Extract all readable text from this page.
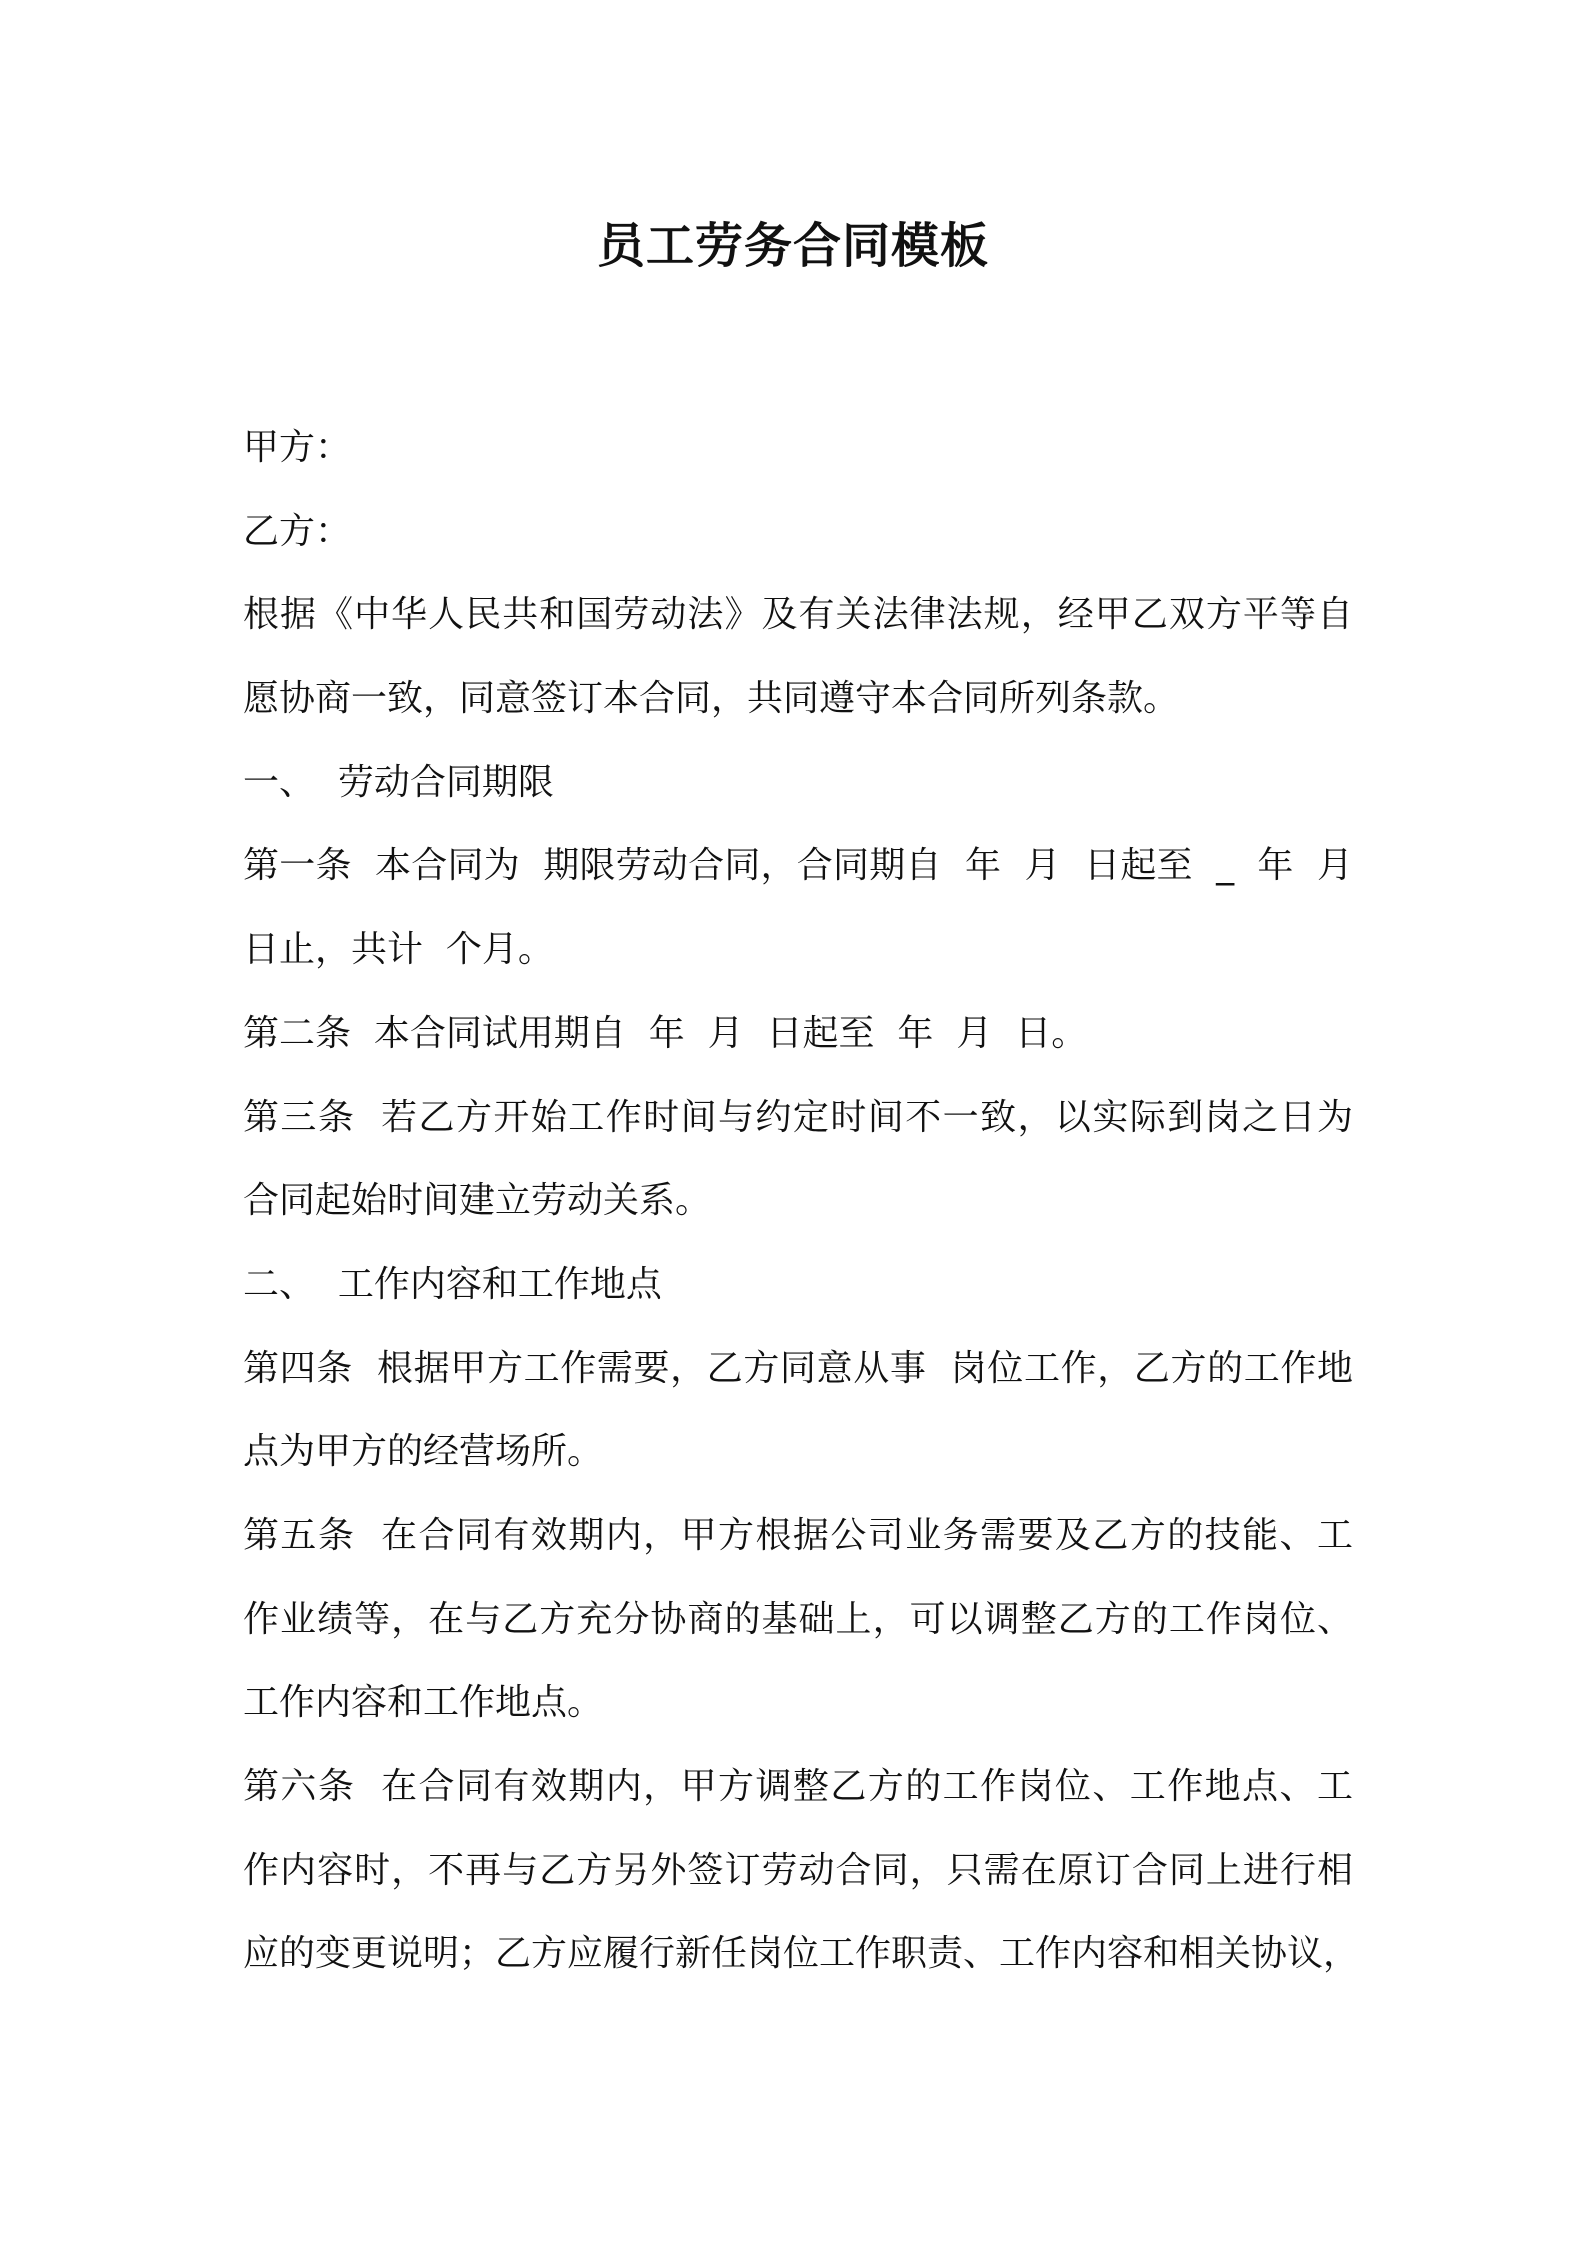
员工劳务合同模板
甲方：
乙方：
根据《中华人民共和国劳动法》及有关法律法规，经甲乙双方平等自
愿协商一致，同意签订本合同，共同遵守本合同所列条款。
一、  劳动合同期限
第一条  本合同为  期限劳动合同，合同期自  年  月  日起至  _  年  月
日止，共计  个月。
第二条  本合同试用期自  年  月  日起至  年  月  日。
第三条  若乙方开始工作时间与约定时间不一致，以实际到岗之日为
合同起始时间建立劳动关系。
二、  工作内容和工作地点
第四条  根据甲方工作需要，乙方同意从事  岗位工作，乙方的工作地
点为甲方的经营场所。
第五条  在合同有效期内，甲方根据公司业务需要及乙方的技能、工
作业绩等，在与乙方充分协商的基础上，可以调整乙方的工作岗位、
工作内容和工作地点。
第六条  在合同有效期内，甲方调整乙方的工作岗位、工作地点、工
作内容时，不再与乙方另外签订劳动合同，只需在原订合同上进行相
应的变更说明；乙方应履行新任岗位工作职责、工作内容和相关协议，
